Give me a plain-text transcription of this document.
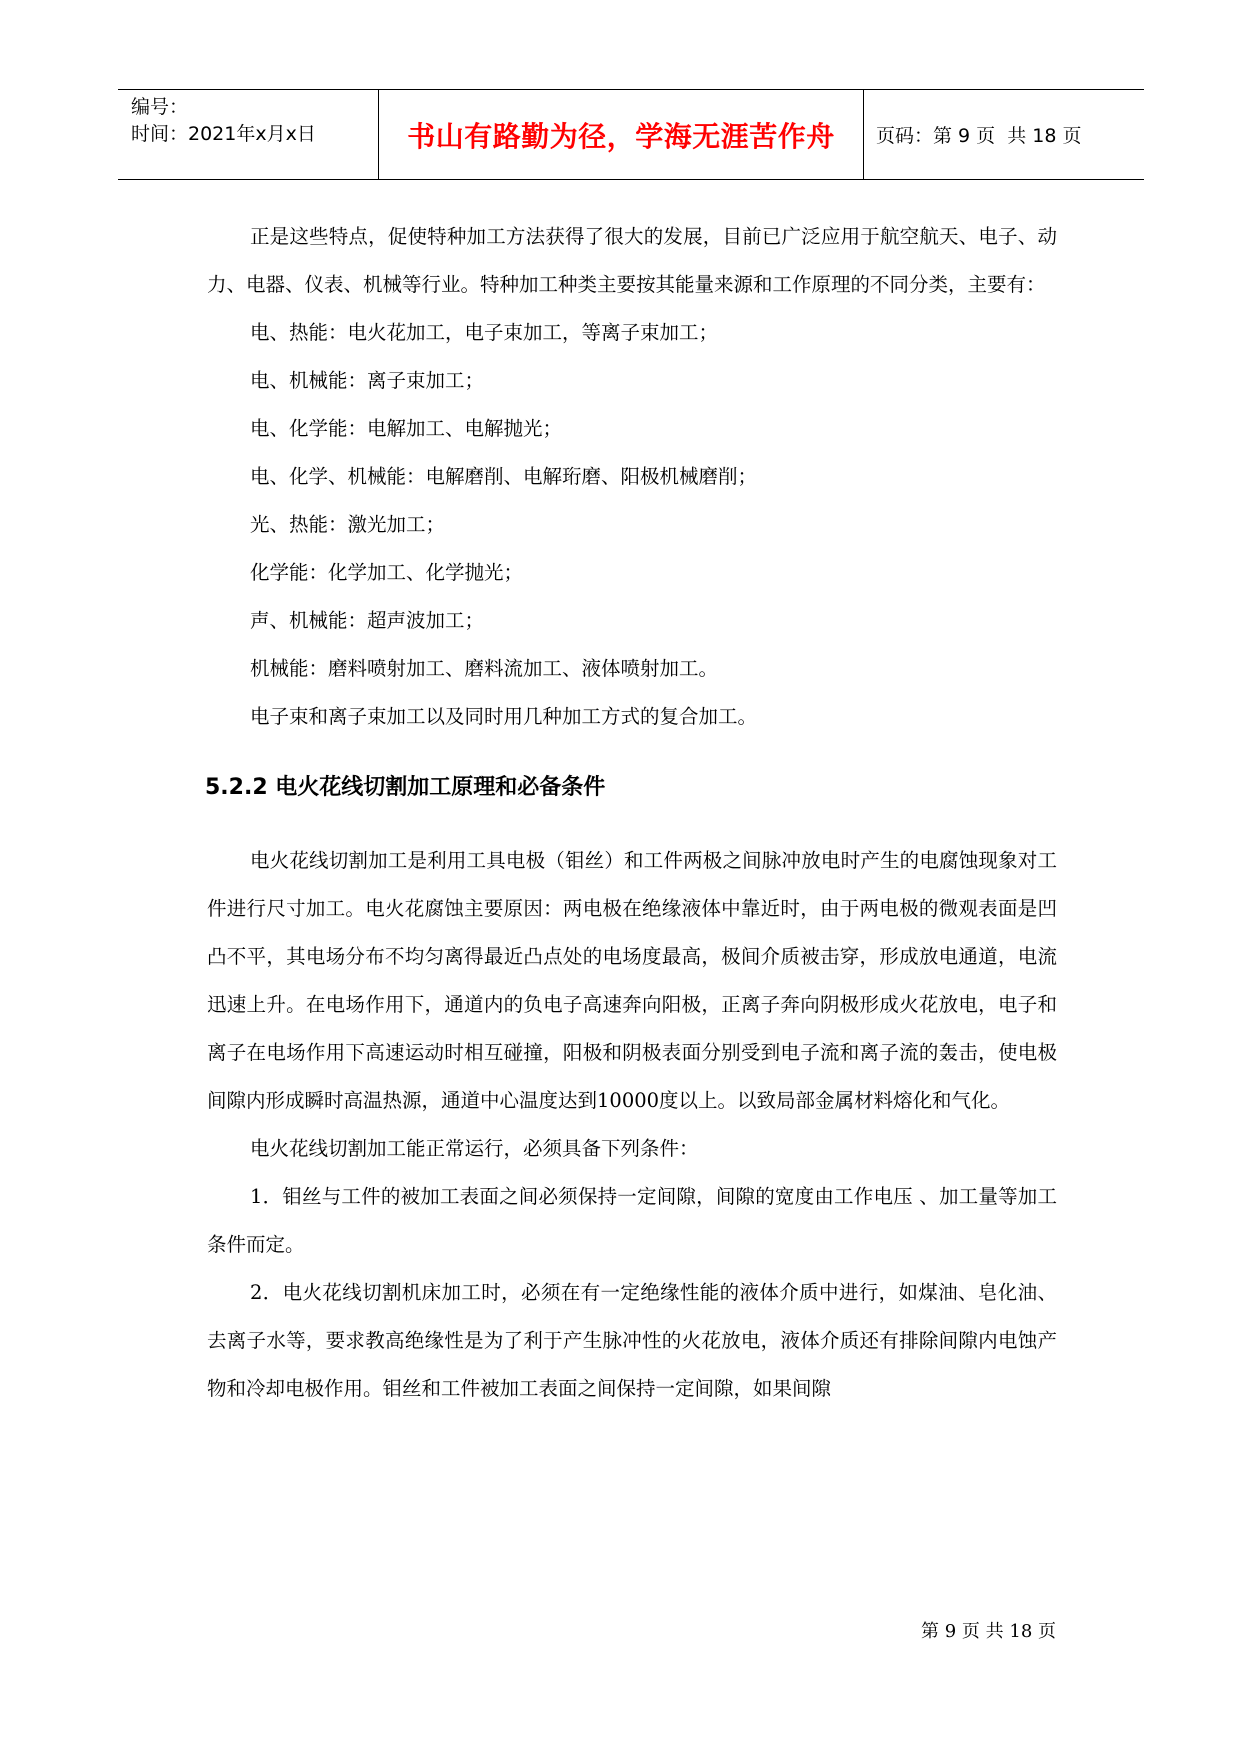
编号：
时间：2021年x月x日	书山有路勤为径，学海无涯苦作舟 页码：第 9 页  共 18 页

正是这些特点，促使特种加工方法获得了很大的发展，目前已广泛应用于航空航天、电子、动力、电器、仪表、机械等行业。特种加工种类主要按其能量来源和工作原理的不同分类，主要有：

电、热能：电火花加工，电子束加工，等离子束加工；

电、机械能：离子束加工；

电、化学能：电解加工、电解抛光；

电、化学、机械能：电解磨削、电解珩磨、阳极机械磨削；

光、热能：激光加工；

化学能：化学加工、化学抛光；

声、机械能：超声波加工；

机械能：磨料喷射加工、磨料流加工、液体喷射加工。

电子束和离子束加工以及同时用几种加工方式的复合加工。

5.2.2 电火花线切割加工原理和必备条件

电火花线切割加工是利用工具电极（钼丝）和工件两极之间脉冲放电时产生的电腐蚀现象对工件进行尺寸加工。电火花腐蚀主要原因：两电极在绝缘液体中靠近时，由于两电极的微观表面是凹凸不平，其电场分布不均匀离得最近凸点处的电场度最高，极间介质被击穿，形成放电通道，电流迅速上升。在电场作用下，通道内的负电子高速奔向阳极，正离子奔向阴极形成火花放电，电子和离子在电场作用下高速运动时相互碰撞，阳极和阴极表面分别受到电子流和离子流的轰击，使电极间隙内形成瞬时高温热源，通道中心温度达到10000度以上。以致局部金属材料熔化和气化。

电火花线切割加工能正常运行，必须具备下列条件：

1．钼丝与工件的被加工表面之间必须保持一定间隙，间隙的宽度由工作电压 、加工量等加工条件而定。

2．电火花线切割机床加工时，必须在有一定绝缘性能的液体介质中进行，如煤油、皂化油、去离子水等，要求教高绝缘性是为了利于产生脉冲性的火花放电，液体介质还有排除间隙内电蚀产物和冷却电极作用。钼丝和工件被加工表面之间保持一定间隙，如果间隙

第 9 页 共 18 页
